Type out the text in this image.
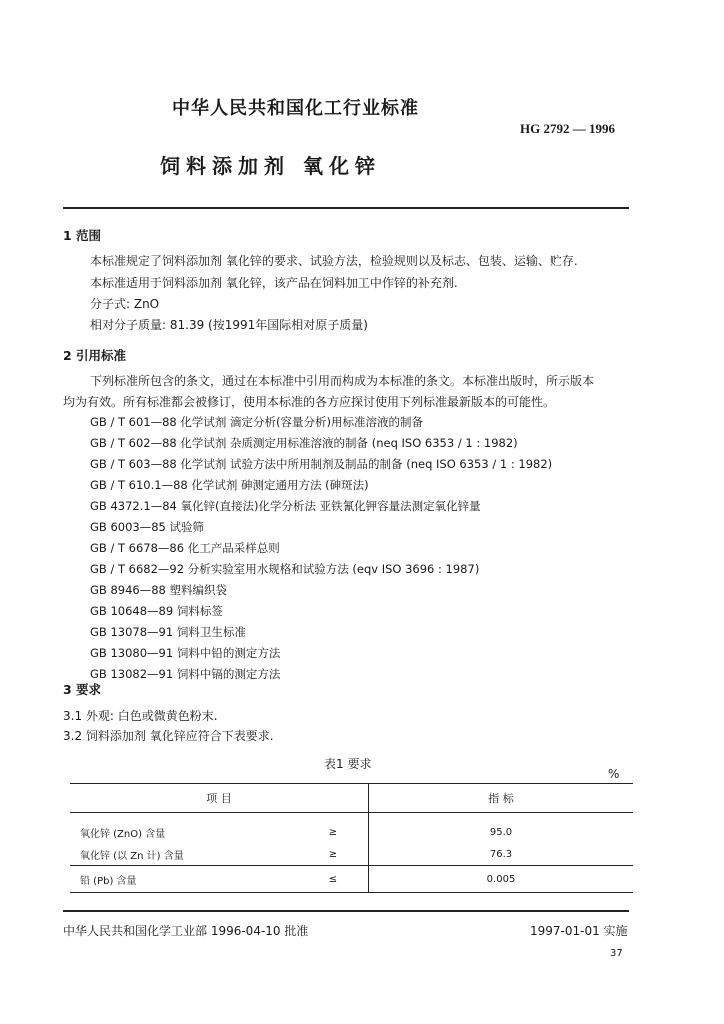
中华人民共和国化工行业标准
HG 2792 — 1996
饲料添加剂 氧化锌
1 范围
本标准规定了饲料添加剂 氧化锌的要求、试验方法，检验规则以及标志、包装、运输、贮存.
本标准适用于饲料添加剂 氧化锌，该产品在饲料加工中作锌的补充剂.
分子式: ZnO
相对分子质量: 81.39 (按1991年国际相对原子质量)
2 引用标准
下列标准所包含的条文，通过在本标准中引用而构成为本标准的条文。本标准出版时，所示版本
均为有效。所有标准都会被修订，使用本标准的各方应探讨使用下列标准最新版本的可能性。
GB / T 601—88 化学试剂 滴定分析(容量分析)用标准溶液的制备
GB / T 602—88 化学试剂 杂质测定用标准溶液的制备 (neq ISO 6353 / 1 : 1982)
GB / T 603—88 化学试剂 试验方法中所用制剂及制品的制备 (neq ISO 6353 / 1 : 1982)
GB / T 610.1—88 化学试剂 砷测定通用方法 (砷斑法)
GB 4372.1—84 氧化锌(直接法)化学分析法 亚铁氰化钾容量法测定氧化锌量
GB 6003—85 试验筛
GB / T 6678—86 化工产品采样总则
GB / T 6682—92 分析实验室用水规格和试验方法 (eqv ISO 3696 : 1987)
GB 8946—88 塑料编织袋
GB 10648—89 饲料标签
GB 13078—91 饲料卫生标准
GB 13080—91 饲料中铅的测定方法
GB 13082—91 饲料中镉的测定方法
3 要求
3.1 外观: 白色或微黄色粉末.
3.2 饲料添加剂 氧化锌应符合下表要求.
表1 要求
%
项 目		指 标
氧化锌 (ZnO) 含量	≥	95.0
氧化锌 (以 Zn 计) 含量	≥	76.3
铅 (Pb) 含量	≤	0.005
中华人民共和国化学工业部 1996-04-10 批准	1997-01-01 实施
37
